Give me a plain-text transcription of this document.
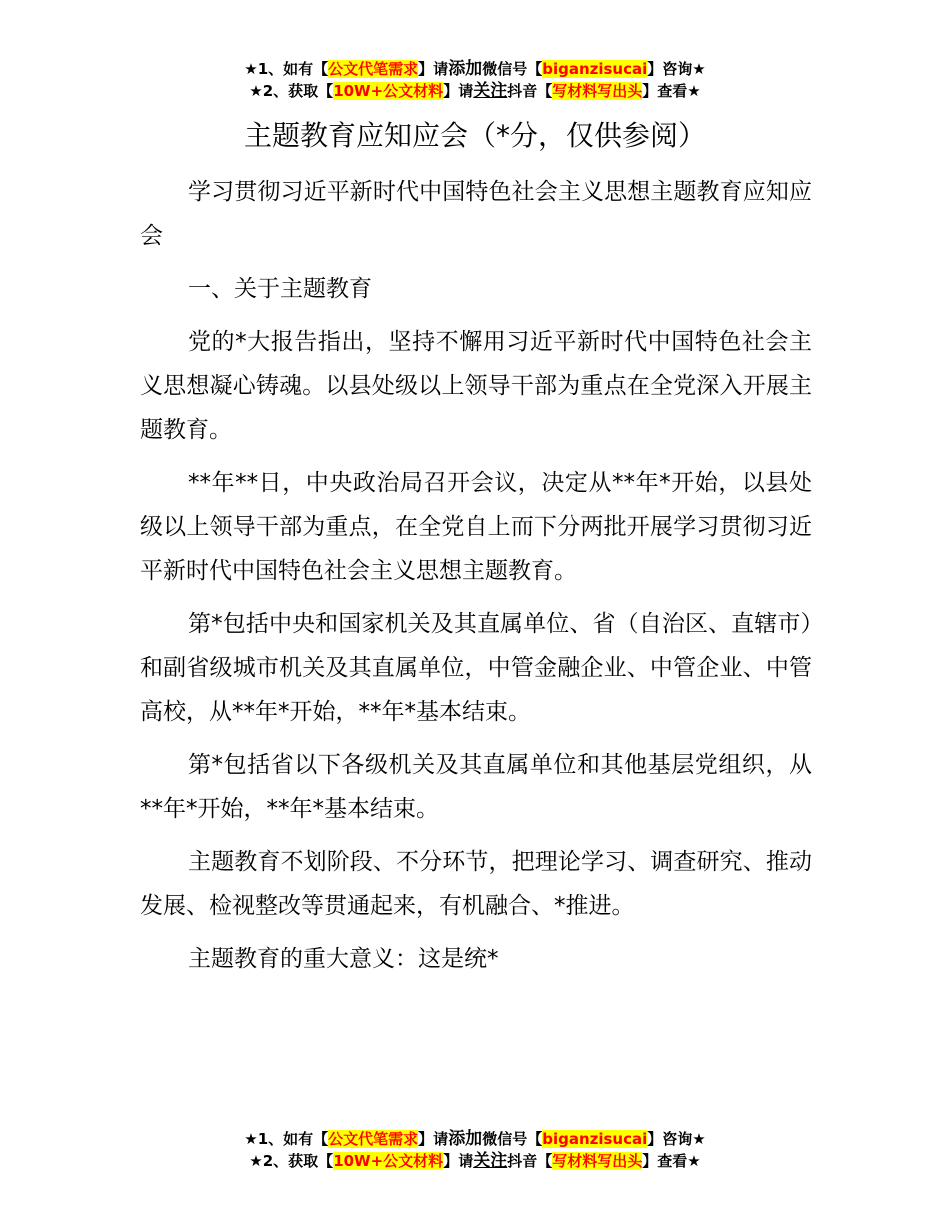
★1、如有【公文代笔需求】请添加微信号【biganzisucai】咨询★
★2、获取【10W+公文材料】请关注抖音【写材料写出头】查看★
主题教育应知应会（*分，仅供参阅）

学习贯彻习近平新时代中国特色社会主义思想主题教育应知应会

一、关于主题教育

党的*大报告指出，坚持不懈用习近平新时代中国特色社会主义思想凝心铸魂。以县处级以上领导干部为重点在全党深入开展主题教育。

**年**日，中央政治局召开会议，决定从**年*开始，以县处级以上领导干部为重点，在全党自上而下分两批开展学习贯彻习近平新时代中国特色社会主义思想主题教育。

第*包括中央和国家机关及其直属单位、省（自治区、直辖市）和副省级城市机关及其直属单位，中管金融企业、中管企业、中管高校，从**年*开始，**年*基本结束。

第*包括省以下各级机关及其直属单位和其他基层党组织，从**年*开始，**年*基本结束。

主题教育不划阶段、不分环节，把理论学习、调查研究、推动发展、检视整改等贯通起来，有机融合、*推进。

主题教育的重大意义：这是统*

★1、如有【公文代笔需求】请添加微信号【biganzisucai】咨询★
★2、获取【10W+公文材料】请关注抖音【写材料写出头】查看★
